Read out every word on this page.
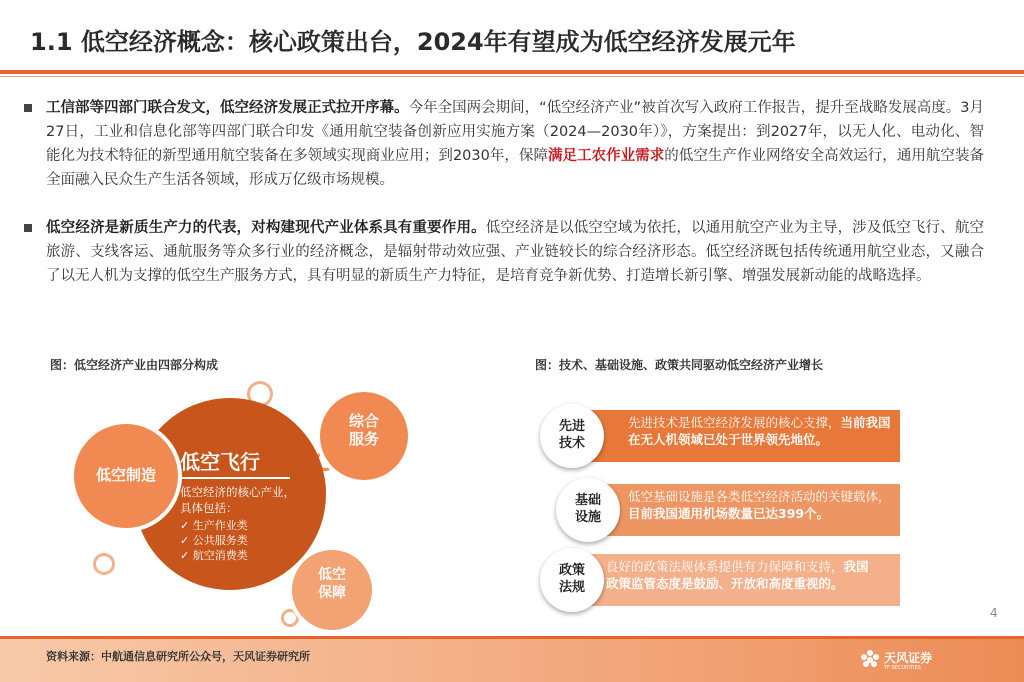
1.1 低空经济概念：核心政策出台，2024年有望成为低空经济发展元年
工信部等四部门联合发文，低空经济发展正式拉开序幕。今年全国两会期间，“低空经济产业”被首次写入政府工作报告，提升至战略发展高度。3月27日，工业和信息化部等四部门联合印发《通用航空装备创新应用实施方案（2024—2030年）》，方案提出：到2027年，以无人化、电动化、智能化为技术特征的新型通用航空装备在多领域实现商业应用；到2030年，保障满足工农作业需求的低空生产作业网络安全高效运行，通用航空装备全面融入民众生产生活各领域，形成万亿级市场规模。
低空经济是新质生产力的代表，对构建现代产业体系具有重要作用。低空经济是以低空空域为依托，以通用航空产业为主导，涉及低空飞行、航空旅游、支线客运、通航服务等众多行业的经济概念，是辐射带动效应强、产业链较长的综合经济形态。低空经济既包括传统通用航空业态，又融合了以无人机为支撑的低空生产服务方式，具有明显的新质生产力特征，是培育竞争新优势、打造增长新引擎、增强发展新动能的战略选择。
图：低空经济产业由四部分构成	图：技术、基础设施、政策共同驱动低空经济产业增长
低空飞行
低空经济的核心产业，
具体包括：
✓ 生产作业类
✓ 公共服务类
✓ 航空消费类
低空制造
综合
服务
低空
保障
先进
技术
先进技术是低空经济发展的核心支撑，当前我国在无人机领域已处于世界领先地位。
基础
设施
低空基础设施是各类低空经济活动的关键载体，目前我国通用机场数量已达399个。
政策
法规
良好的政策法规体系提供有力保障和支持，我国政策监管态度是鼓励、开放和高度重视的。
4
资料来源：中航通信息研究所公众号，天风证券研究所	天风证券
TF SECURITIES
